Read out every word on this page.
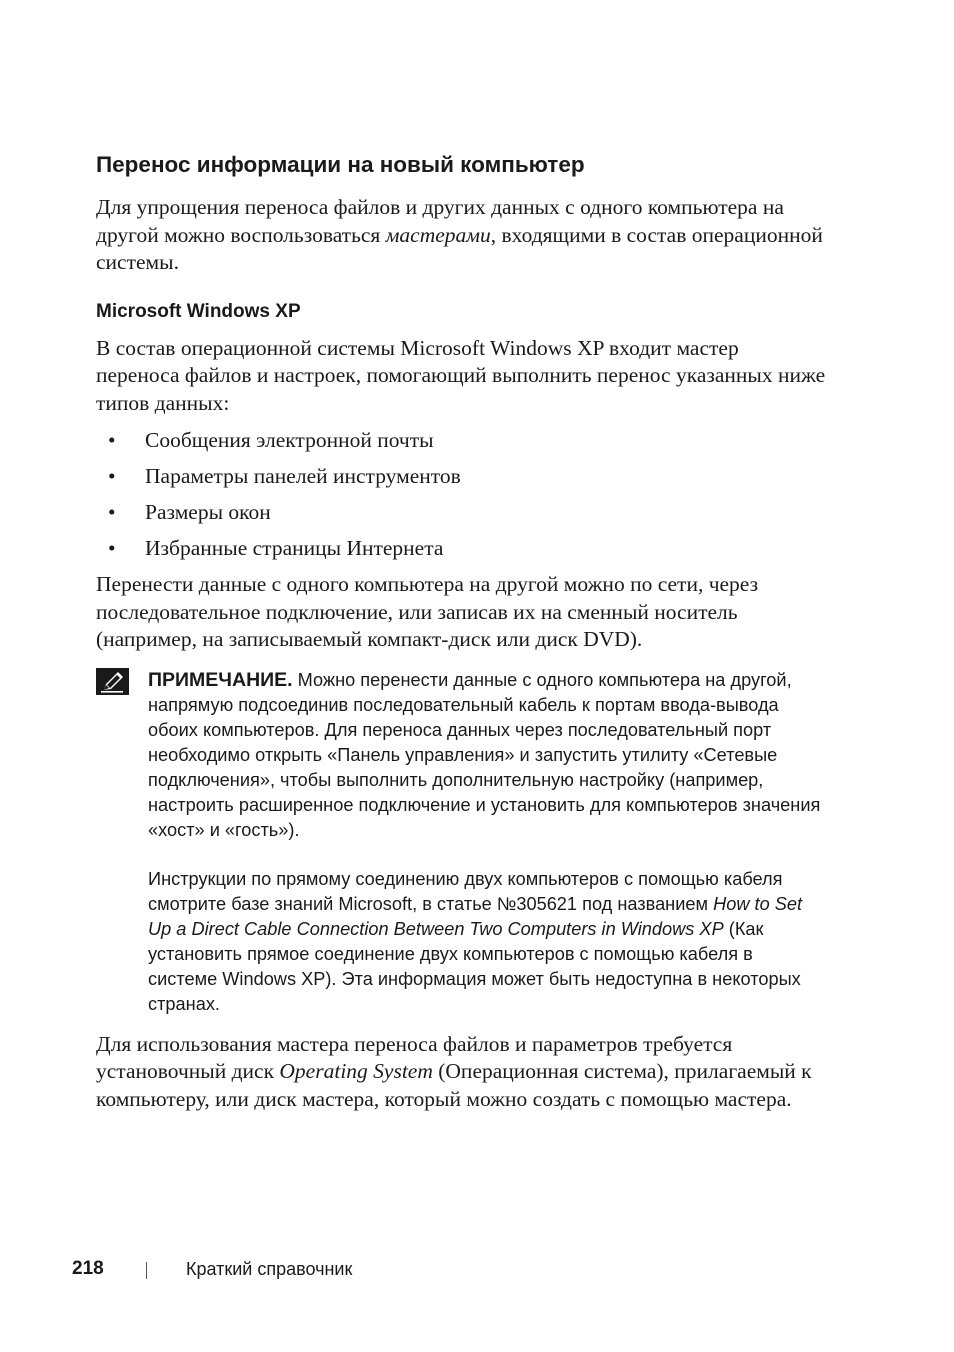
Перенос информации на новый компьютер

Для упрощения переноса файлов и других данных с одного компьютера на другой можно воспользоваться мастерами, входящими в состав операционной системы.

Microsoft Windows XP

В состав операционной системы Microsoft Windows XP входит мастер переноса файлов и настроек, помогающий выполнить перенос указанных ниже типов данных:

• Сообщения электронной почты
• Параметры панелей инструментов
• Размеры окон
• Избранные страницы Интернета

Перенести данные с одного компьютера на другой можно по сети, через последовательное подключение, или записав их на сменный носитель (например, на записываемый компакт-диск или диск DVD).

ПРИМЕЧАНИЕ. Можно перенести данные с одного компьютера на другой, напрямую подсоединив последовательный кабель к портам ввода-вывода обоих компьютеров. Для переноса данных через последовательный порт необходимо открыть «Панель управления» и запустить утилиту «Сетевые подключения», чтобы выполнить дополнительную настройку (например, настроить расширенное подключение и установить для компьютеров значения «хост» и «гость»).

Инструкции по прямому соединению двух компьютеров с помощью кабеля смотрите базе знаний Microsoft, в статье №305621 под названием How to Set Up a Direct Cable Connection Between Two Computers in Windows XP (Как установить прямое соединение двух компьютеров с помощью кабеля в системе Windows XP). Эта информация может быть недоступна в некоторых странах.

Для использования мастера переноса файлов и параметров требуется установочный диск Operating System (Операционная система), прилагаемый к компьютеру, или диск мастера, который можно создать с помощью мастера.

218	Краткий справочник
